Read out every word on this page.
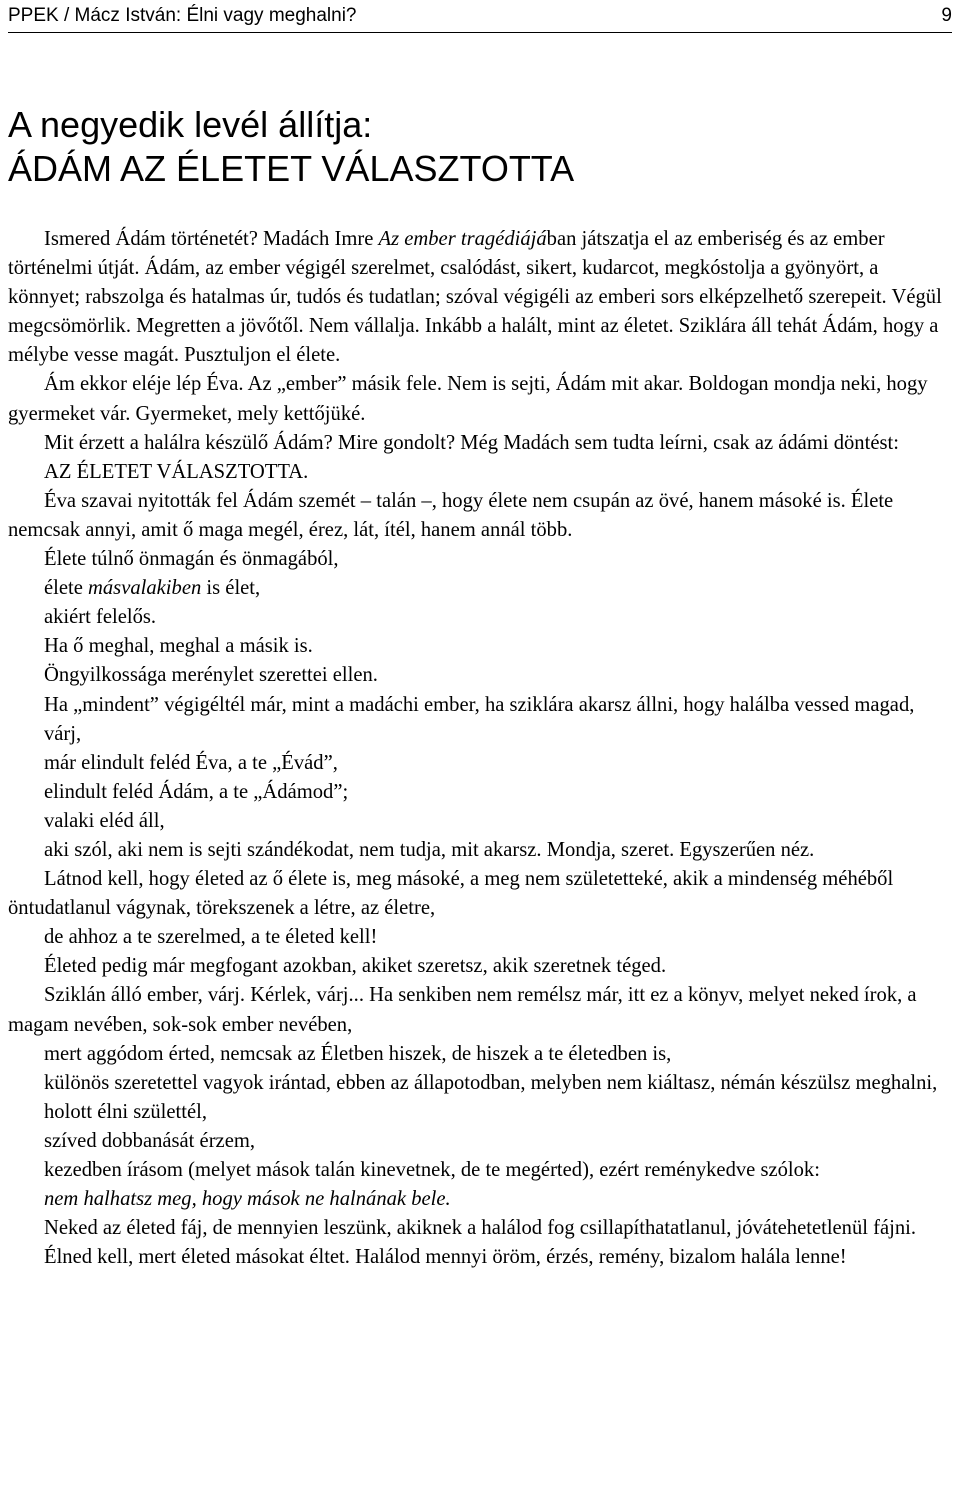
PPEK / Mácz István: Élni vagy meghalni?	9
A negyedik levél állítja:
ÁDÁM AZ ÉLETET VÁLASZTOTTA

Ismered Ádám történetét? Madách Imre Az ember tragédiájában játszatja el az emberiség és az ember történelmi útját. Ádám, az ember végigél szerelmet, csalódást, sikert, kudarcot, megkóstolja a gyönyört, a könnyet; rabszolga és hatalmas úr, tudós és tudatlan; szóval végigéli az emberi sors elképzelhető szerepeit. Végül megcsömörlik. Megretten a jövőtől. Nem vállalja. Inkább a halált, mint az életet. Sziklára áll tehát Ádám, hogy a mélybe vesse magát. Pusztuljon el élete.

Ám ekkor eléje lép Éva. Az „ember” másik fele. Nem is sejti, Ádám mit akar. Boldogan mondja neki, hogy gyermeket vár. Gyermeket, mely kettőjüké.

Mit érzett a halálra készülő Ádám? Mire gondolt? Még Madách sem tudta leírni, csak az ádámi döntést:

AZ ÉLETET VÁLASZTOTTA.

Éva szavai nyitották fel Ádám szemét – talán –, hogy élete nem csupán az övé, hanem másoké is. Élete nemcsak annyi, amit ő maga megél, érez, lát, ítél, hanem annál több.

Élete túlnő önmagán és önmagából,

élete másvalakiben is élet,

akiért felelős.

Ha ő meghal, meghal a másik is.

Öngyilkossága merénylet szerettei ellen.

Ha „mindent” végigéltél már, mint a madáchi ember, ha sziklára akarsz állni, hogy halálba vessed magad,

várj,

már elindult feléd Éva, a te „Évád”,

elindult feléd Ádám, a te „Ádámod”;

valaki eléd áll,

aki szól, aki nem is sejti szándékodat, nem tudja, mit akarsz. Mondja, szeret. Egyszerűen néz.

Látnod kell, hogy életed az ő élete is, meg másoké, a meg nem születetteké, akik a mindenség méhéből öntudatlanul vágynak, törekszenek a létre, az életre,

de ahhoz a te szerelmed, a te életed kell!

Életed pedig már megfogant azokban, akiket szeretsz, akik szeretnek téged.

Sziklán álló ember, várj. Kérlek, várj... Ha senkiben nem remélsz már, itt ez a könyv, melyet neked írok, a magam nevében, sok-sok ember nevében,

mert aggódom érted, nemcsak az Életben hiszek, de hiszek a te életedben is,

különös szeretettel vagyok irántad, ebben az állapotodban, melyben nem kiáltasz, némán készülsz meghalni,

holott élni születtél,

szíved dobbanását érzem,

kezedben írásom (melyet mások talán kinevetnek, de te megérted), ezért reménykedve szólok:

nem halhatsz meg, hogy mások ne halnának bele.

Neked az életed fáj, de mennyien leszünk, akiknek a halálod fog csillapíthatatlanul, jóvátehetetlenül fájni.

Élned kell, mert életed másokat éltet. Halálod mennyi öröm, érzés, remény, bizalom halála lenne!
